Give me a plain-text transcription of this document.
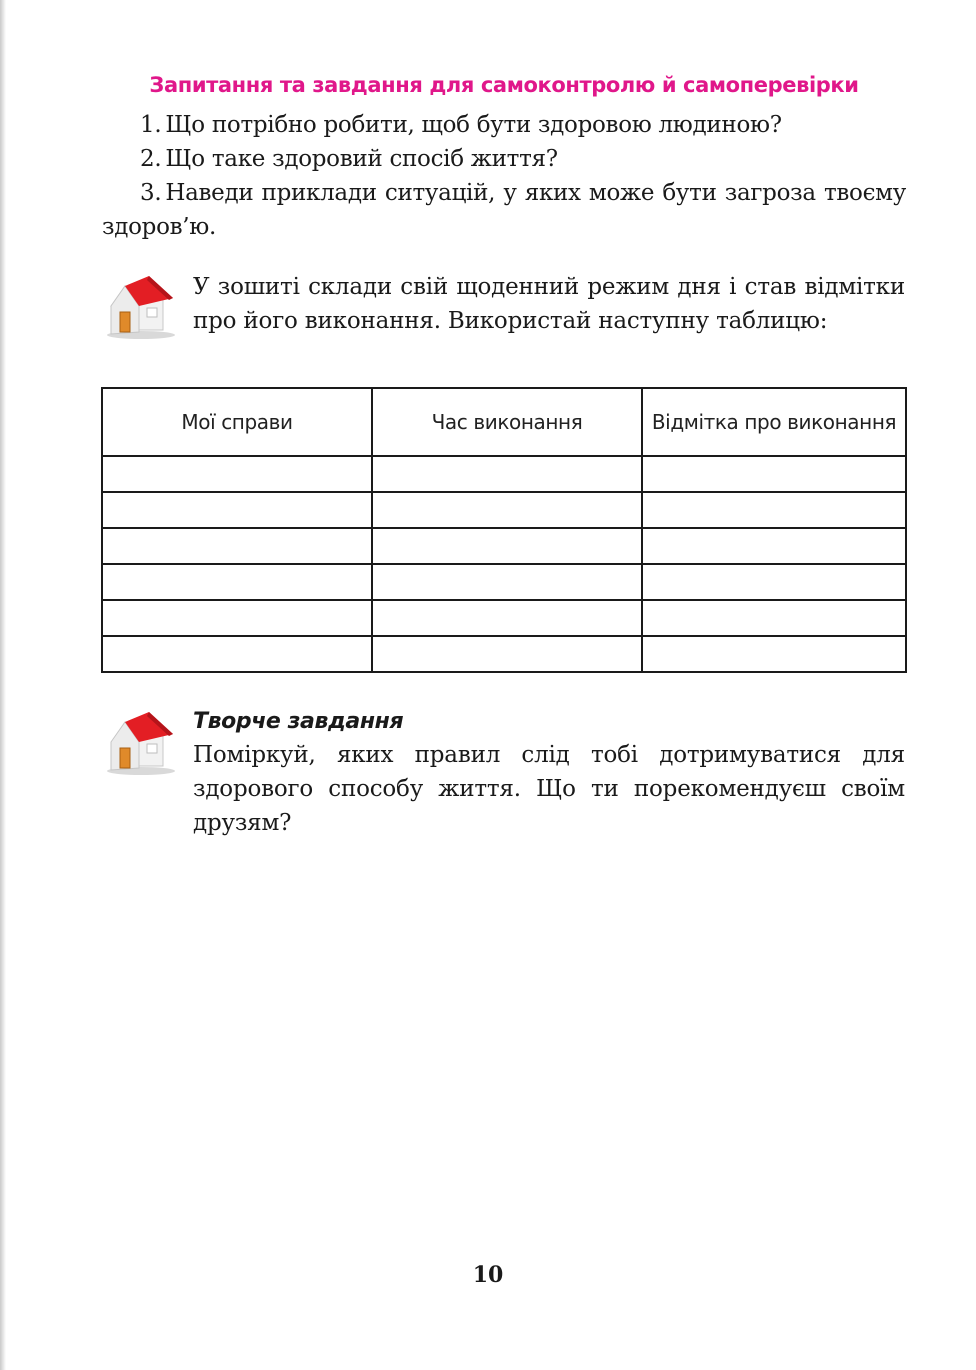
Запитання та завдання для самоконтролю й самоперевірки

1. Що потрібно робити, щоб бути здоровою людиною?

2. Що таке здоровий спосіб життя?

3. Наведи приклади ситуацій, у яких може бути загроза твоєму здоров’ю.

У зошиті склади свій щоденний режим дня і став відмітки про його виконання. Використай наступну таблицю:

Мої справи	Час виконання	Відмітка про виконання

Творче завдання

Поміркуй, яких правил слід тобі дотримуватися для здорового способу життя. Що ти порекомендуєш своїм друзям?

10
